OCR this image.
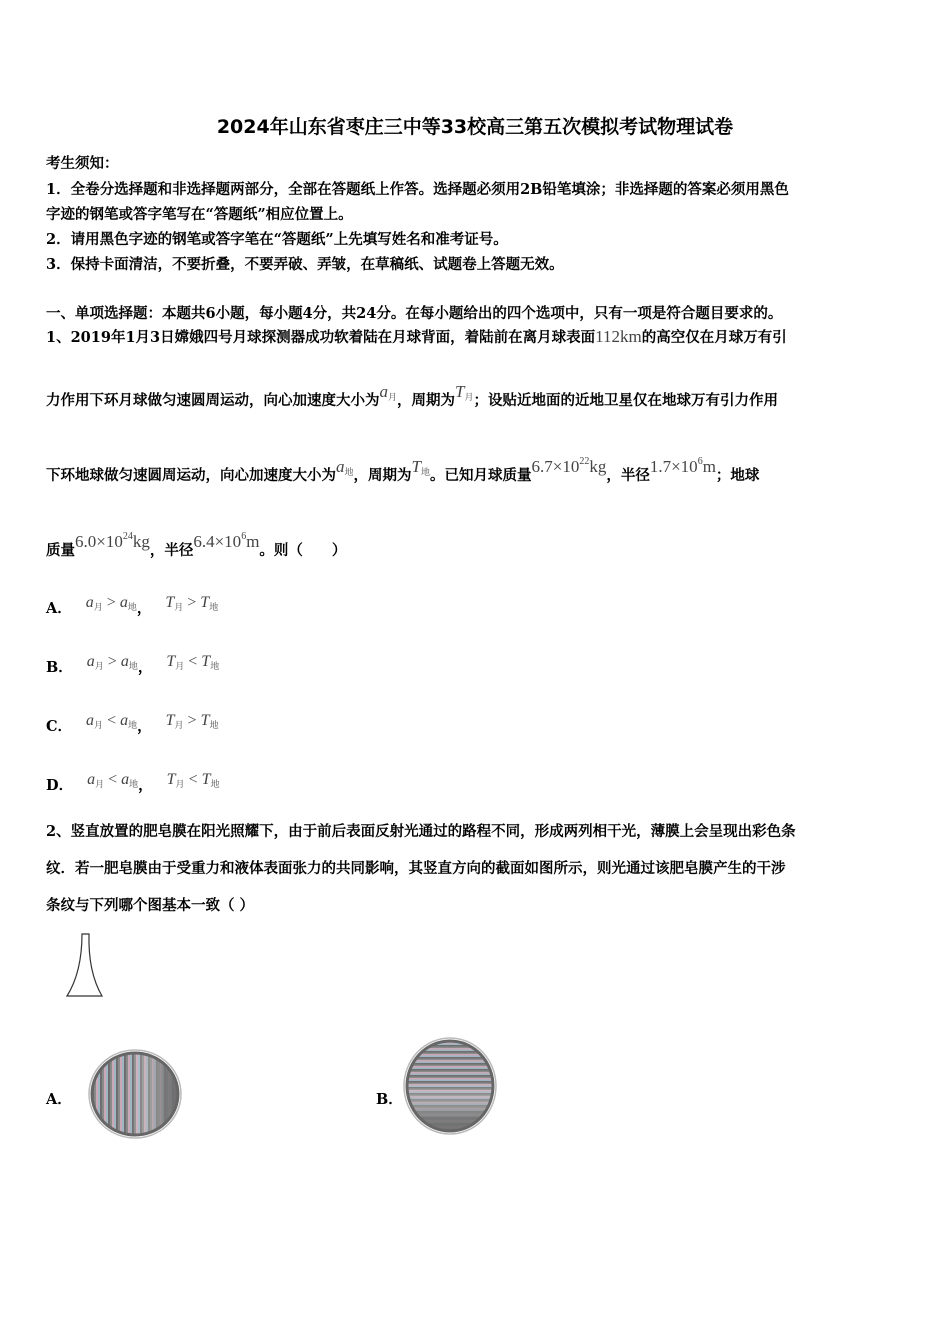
2024年山东省枣庄三中等33校高三第五次模拟考试物理试卷
考生须知：
1．全卷分选择题和非选择题两部分，全部在答题纸上作答。选择题必须用2B铅笔填涂；非选择题的答案必须用黑色
字迹的钢笔或答字笔写在“答题纸”相应位置上。
2．请用黑色字迹的钢笔或答字笔在“答题纸”上先填写姓名和准考证号。
3．保持卡面清洁，不要折叠，不要弄破、弄皱，在草稿纸、试题卷上答题无效。
一、单项选择题：本题共6小题，每小题4分，共24分。在每小题给出的四个选项中，只有一项是符合题目要求的。
1、2019年1月3日嫦娥四号月球探测器成功软着陆在月球背面，着陆前在离月球表面112km的高空仅在月球万有引
力作用下环月球做匀速圆周运动，向心加速度大小为$a_月$，周期为$T_月$；设贴近地面的近地卫星仅在地球万有引力作用
下环地球做匀速圆周运动，向心加速度大小为$a_地$，周期为$T_地$。已知月球质量$6.7\times 10^{22}kg$，半径$1.7\times 10^6m$；地球
质量$6.0\times 10^{24}kg$，半径$6.4\times 10^6m$。则（　　）
A． $a_月 > a_地$， $T_月 > T_地$
B． $a_月 > a_地$， $T_月 < T_地$
C． $a_月 < a_地$， $T_月 > T_地$
D． $a_月 < a_地$， $T_月 < T_地$
2、竖直放置的肥皂膜在阳光照耀下，由于前后表面反射光通过的路程不同，形成两列相干光，薄膜上会呈现出彩色条
纹．若一肥皂膜由于受重力和液体表面张力的共同影响，其竖直方向的截面如图所示，则光通过该肥皂膜产生的干涉
条纹与下列哪个图基本一致（ ）
A．	B．
